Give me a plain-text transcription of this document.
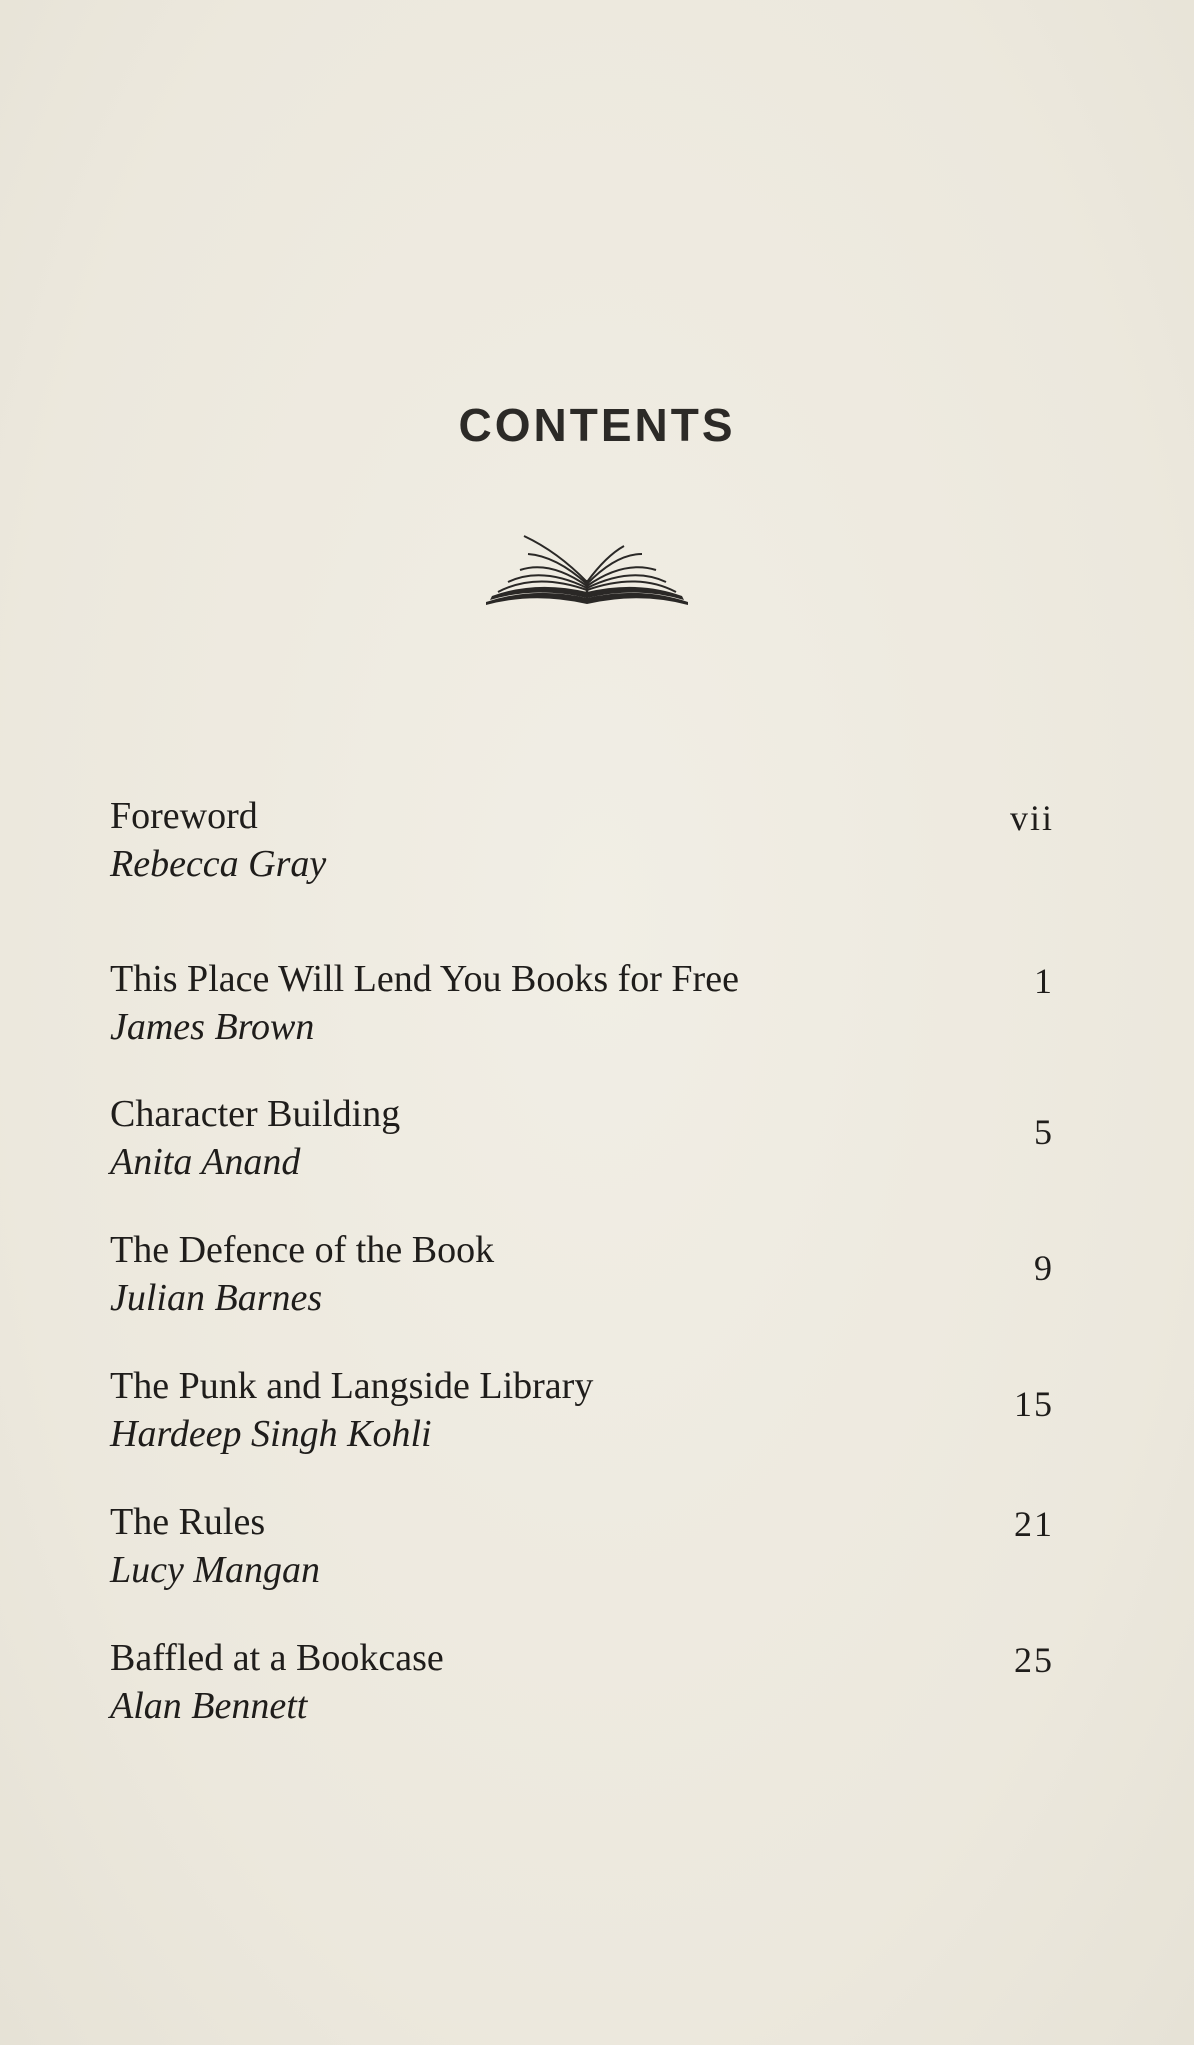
CONTENTS
Foreword
Rebecca Gray
vii
This Place Will Lend You Books for Free
James Brown
1
Character Building
Anita Anand
5
The Defence of the Book
Julian Barnes
9
The Punk and Langside Library
Hardeep Singh Kohli
15
The Rules
Lucy Mangan
21
Baffled at a Bookcase
Alan Bennett
25
